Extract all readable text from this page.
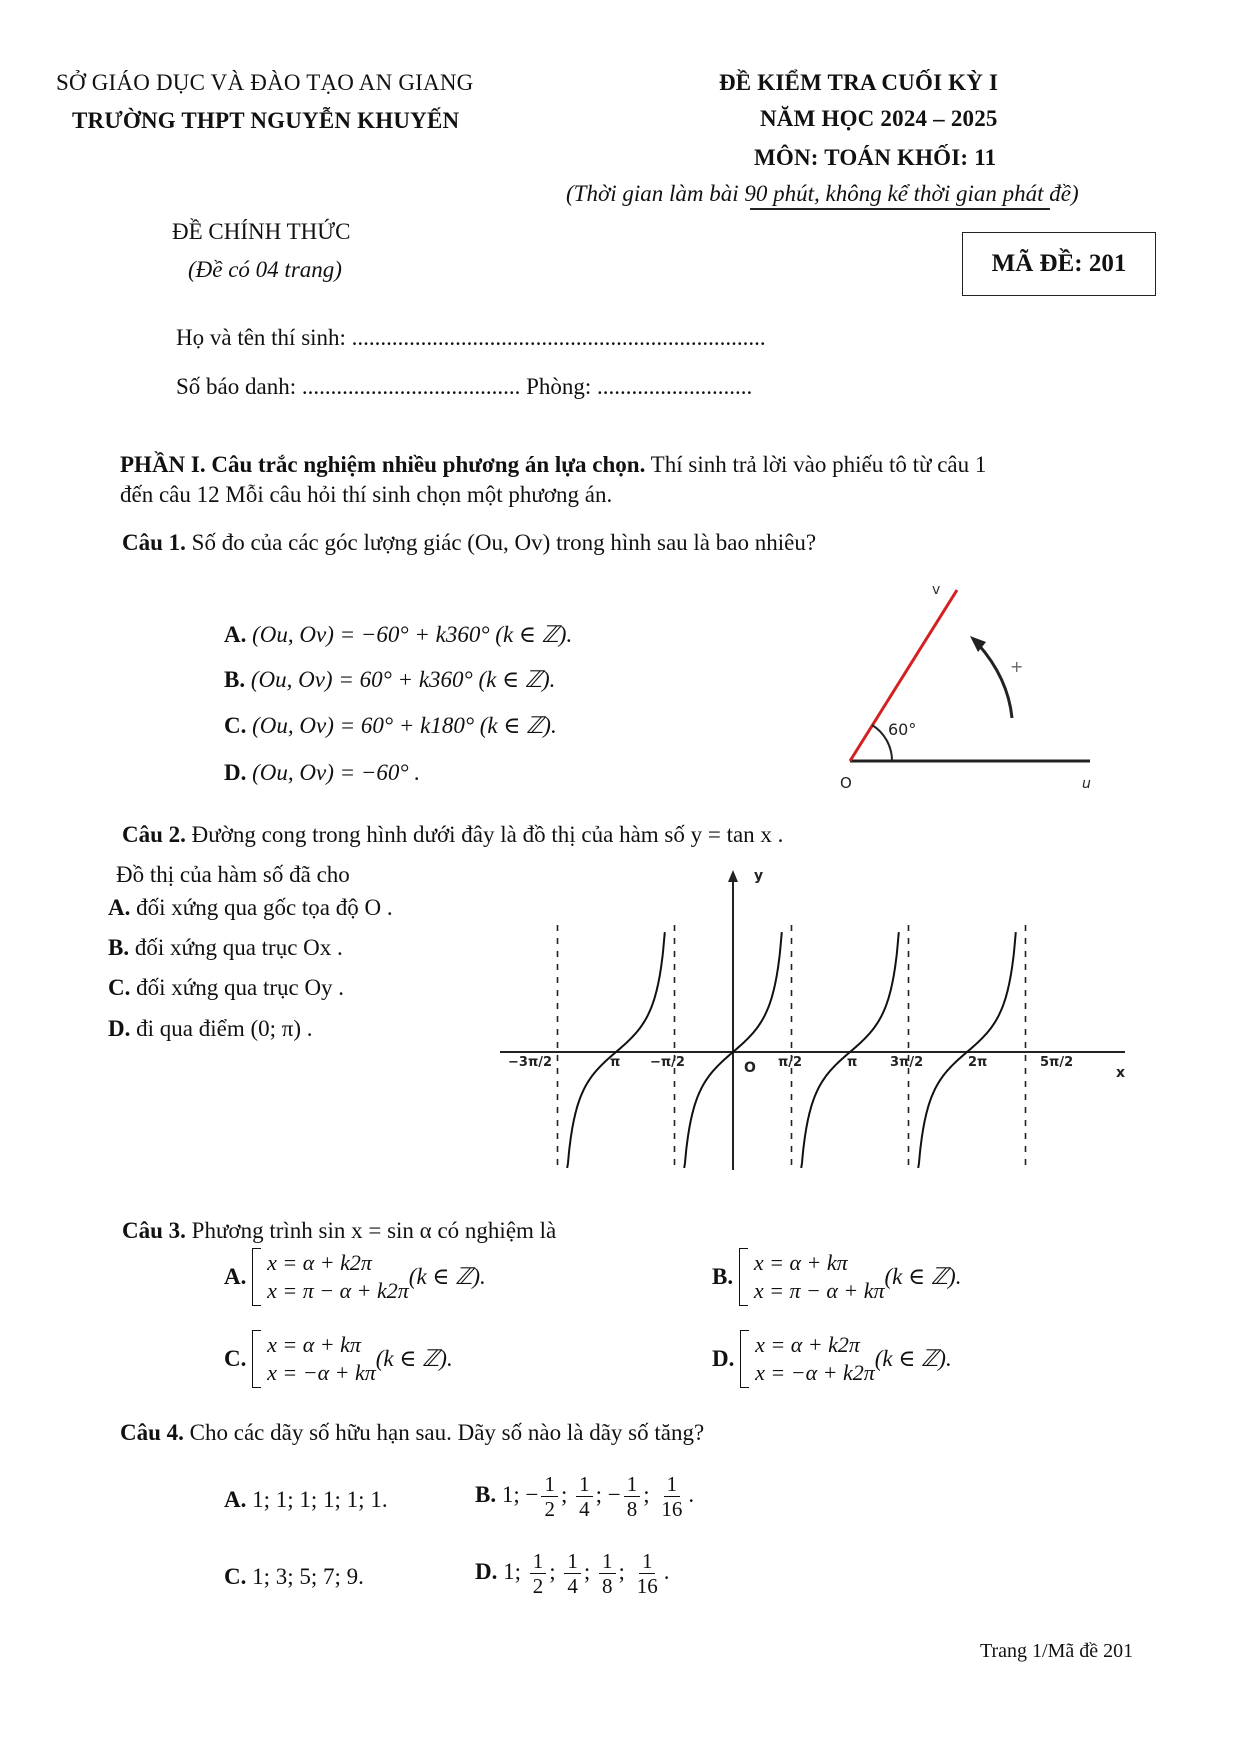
SỞ GIÁO DỤC VÀ ĐÀO TẠO AN GIANG
TRƯỜNG THPT NGUYỄN KHUYẾN
ĐỀ KIỂM TRA CUỐI KỲ I
NĂM HỌC 2024 – 2025
MÔN: TOÁN KHỐI: 11
(Thời gian làm bài 90 phút, không kể thời gian phát đề)
ĐỀ CHÍNH THỨC
(Đề có 04 trang)	MÃ ĐỀ: 201
Họ và tên thí sinh: ........................................................................
Số báo danh: ...................................... Phòng: ...........................
PHẦN I. Câu trắc nghiệm nhiều phương án lựa chọn. Thí sinh trả lời vào phiếu tô từ câu 1
đến câu 12 Mỗi câu hỏi thí sinh chọn một phương án.
Câu 1. Số đo của các góc lượng giác (Ou, Ov) trong hình sau là bao nhiêu?
A. (Ou, Ov) = −60° + k360° (k ∈ ℤ).
B. (Ou, Ov) = 60° + k360° (k ∈ ℤ).
C. (Ou, Ov) = 60° + k180° (k ∈ ℤ).
D. (Ou, Ov) = −60° .
v
+
60°
O	u
Câu 2. Đường cong trong hình dưới đây là đồ thị của hàm số y = tan x .
Đồ thị của hàm số đã cho
A. đối xứng qua gốc tọa độ O .
B. đối xứng qua trục Ox .
C. đối xứng qua trục Oy .
D. đi qua điểm (0; π) .
y
x
O
−3π/2	π −π/2	π/2	π	3π/2	2π	5π/2
Câu 3. Phương trình sin x = sin α có nghiệm là
A.
x = α + k2π
x = π − α + k2π
(k ∈ ℤ).	B.
x = α + kπ
x = π − α + kπ
(k ∈ ℤ).
C.
x = α + kπ
x = −α + kπ
(k ∈ ℤ).	D.
x = α + k2π
x = −α + k2π
(k ∈ ℤ).
Câu 4. Cho các dãy số hữu hạn sau. Dãy số nào là dãy số tăng?
A. 1; 1; 1; 1; 1; 1.	B. 1; − $\frac{1}{2}$ ; $\frac{1}{4}$ ; − $\frac{1}{8}$ ; $\frac{1}{16}$ .
C. 1; 3; 5; 7; 9.	D. 1; $\frac{1}{2}$ ; $\frac{1}{4}$ ; $\frac{1}{8}$ ; $\frac{1}{16}$ .
Trang 1/Mã đề 201
